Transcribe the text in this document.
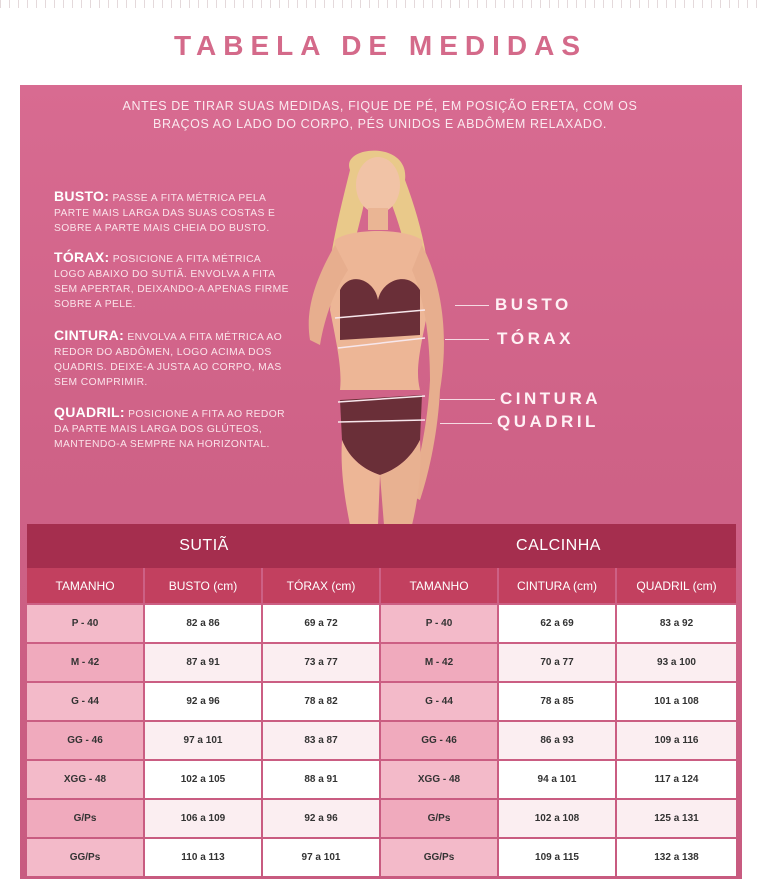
TABELA DE MEDIDAS
ANTES DE TIRAR SUAS MEDIDAS, FIQUE DE PÉ, EM POSIÇÃO ERETA, COM OS BRAÇOS AO LADO DO CORPO, PÉS UNIDOS E ABDÔMEM RELAXADO.
BUSTO: PASSE A FITA MÉTRICA PELA PARTE MAIS LARGA DAS SUAS COSTAS E SOBRE A PARTE MAIS CHEIA DO BUSTO.
TÓRAX: POSICIONE A FITA MÉTRICA LOGO ABAIXO DO SUTIÃ. ENVOLVA A FITA SEM APERTAR, DEIXANDO-A APENAS FIRME SOBRE A PELE.
CINTURA: ENVOLVA A FITA MÉTRICA AO REDOR DO ABDÔMEN, LOGO ACIMA DOS QUADRIS. DEIXE-A JUSTA AO CORPO, MAS SEM COMPRIMIR.
QUADRIL: POSICIONE A FITA AO REDOR DA PARTE MAIS LARGA DOS GLÚTEOS, MANTENDO-A SEMPRE NA HORIZONTAL.
BUSTO
TÓRAX
CINTURA
QUADRIL
SUTIÃ	CALCINHA
TAMANHO	BUSTO (cm)	TÓRAX (cm)	TAMANHO	CINTURA (cm)	QUADRIL (cm)
P - 40	82 a 86	69 a 72	P - 40	62 a 69	83 a 92
M - 42	87 a 91	73 a 77	M - 42	70 a 77	93 a 100
G - 44	92 a 96	78 a 82	G - 44	78 a 85	101 a 108
GG - 46	97 a 101	83 a 87	GG - 46	86 a 93	109 a 116
XGG - 48	102 a 105	88 a 91	XGG - 48	94 a 101	117 a 124
G/Ps	106 a 109	92 a 96	G/Ps	102 a 108	125 a 131
GG/Ps	110 a 113	97 a 101	GG/Ps	109 a 115	132 a 138
